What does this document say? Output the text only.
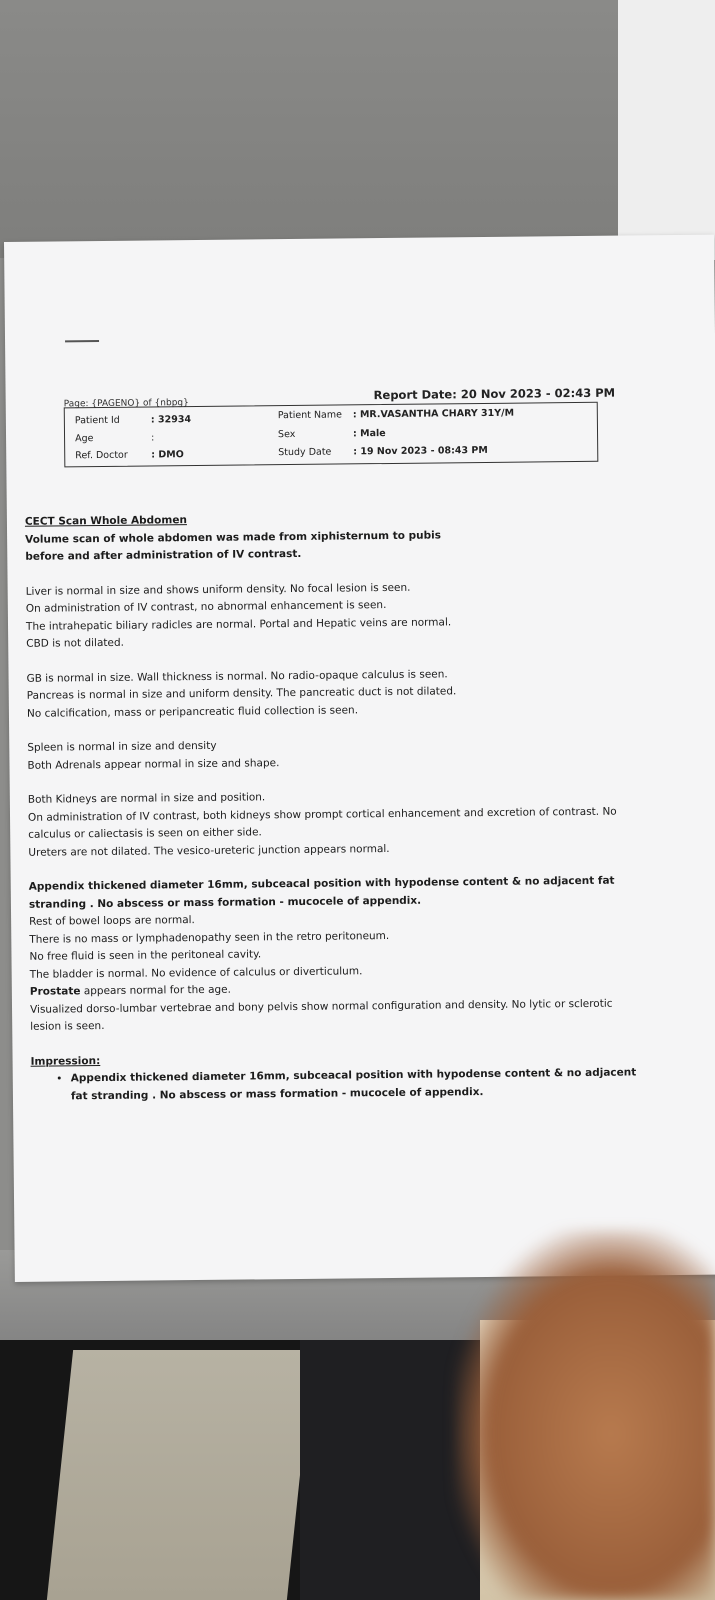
Page: {PAGENO} of {nbpg}
Report Date: 20 Nov 2023 - 02:43 PM
Patient Id	: 32934
Age	:
Ref. Doctor : DMO
Patient Name : MR.VASANTHA CHARY 31Y/M
Sex	: Male
Study Date : 19 Nov 2023 - 08:43 PM

CECT Scan Whole Abdomen

Volume scan of whole abdomen was made from xiphisternum to pubis

before and after administration of IV contrast.

Liver is normal in size and shows uniform density. No focal lesion is seen.

On administration of IV contrast, no abnormal enhancement is seen.

The intrahepatic biliary radicles are normal. Portal and Hepatic veins are normal.

CBD is not dilated.

GB is normal in size. Wall thickness is normal. No radio-opaque calculus is seen.

Pancreas is normal in size and uniform density. The pancreatic duct is not dilated.

No calcification, mass or peripancreatic fluid collection is seen.

Spleen is normal in size and density

Both Adrenals appear normal in size and shape.

Both Kidneys are normal in size and position.

On administration of IV contrast, both kidneys show prompt cortical enhancement and excretion of contrast. No

calculus or caliectasis is seen on either side.

Ureters are not dilated. The vesico-ureteric junction appears normal.

Appendix thickened diameter 16mm, subceacal position with hypodense content & no adjacent fat

stranding . No abscess or mass formation - mucocele of appendix.

Rest of bowel loops are normal.

There is no mass or lymphadenopathy seen in the retro peritoneum.

No free fluid is seen in the peritoneal cavity.

The bladder is normal. No evidence of calculus or diverticulum.

Prostate appears normal for the age.

Visualized dorso-lumbar vertebrae and bony pelvis show normal configuration and density. No lytic or sclerotic

lesion is seen.

Impression:

• Appendix thickened diameter 16mm, subceacal position with hypodense content & no adjacent fat stranding . No abscess or mass formation - mucocele of appendix.
